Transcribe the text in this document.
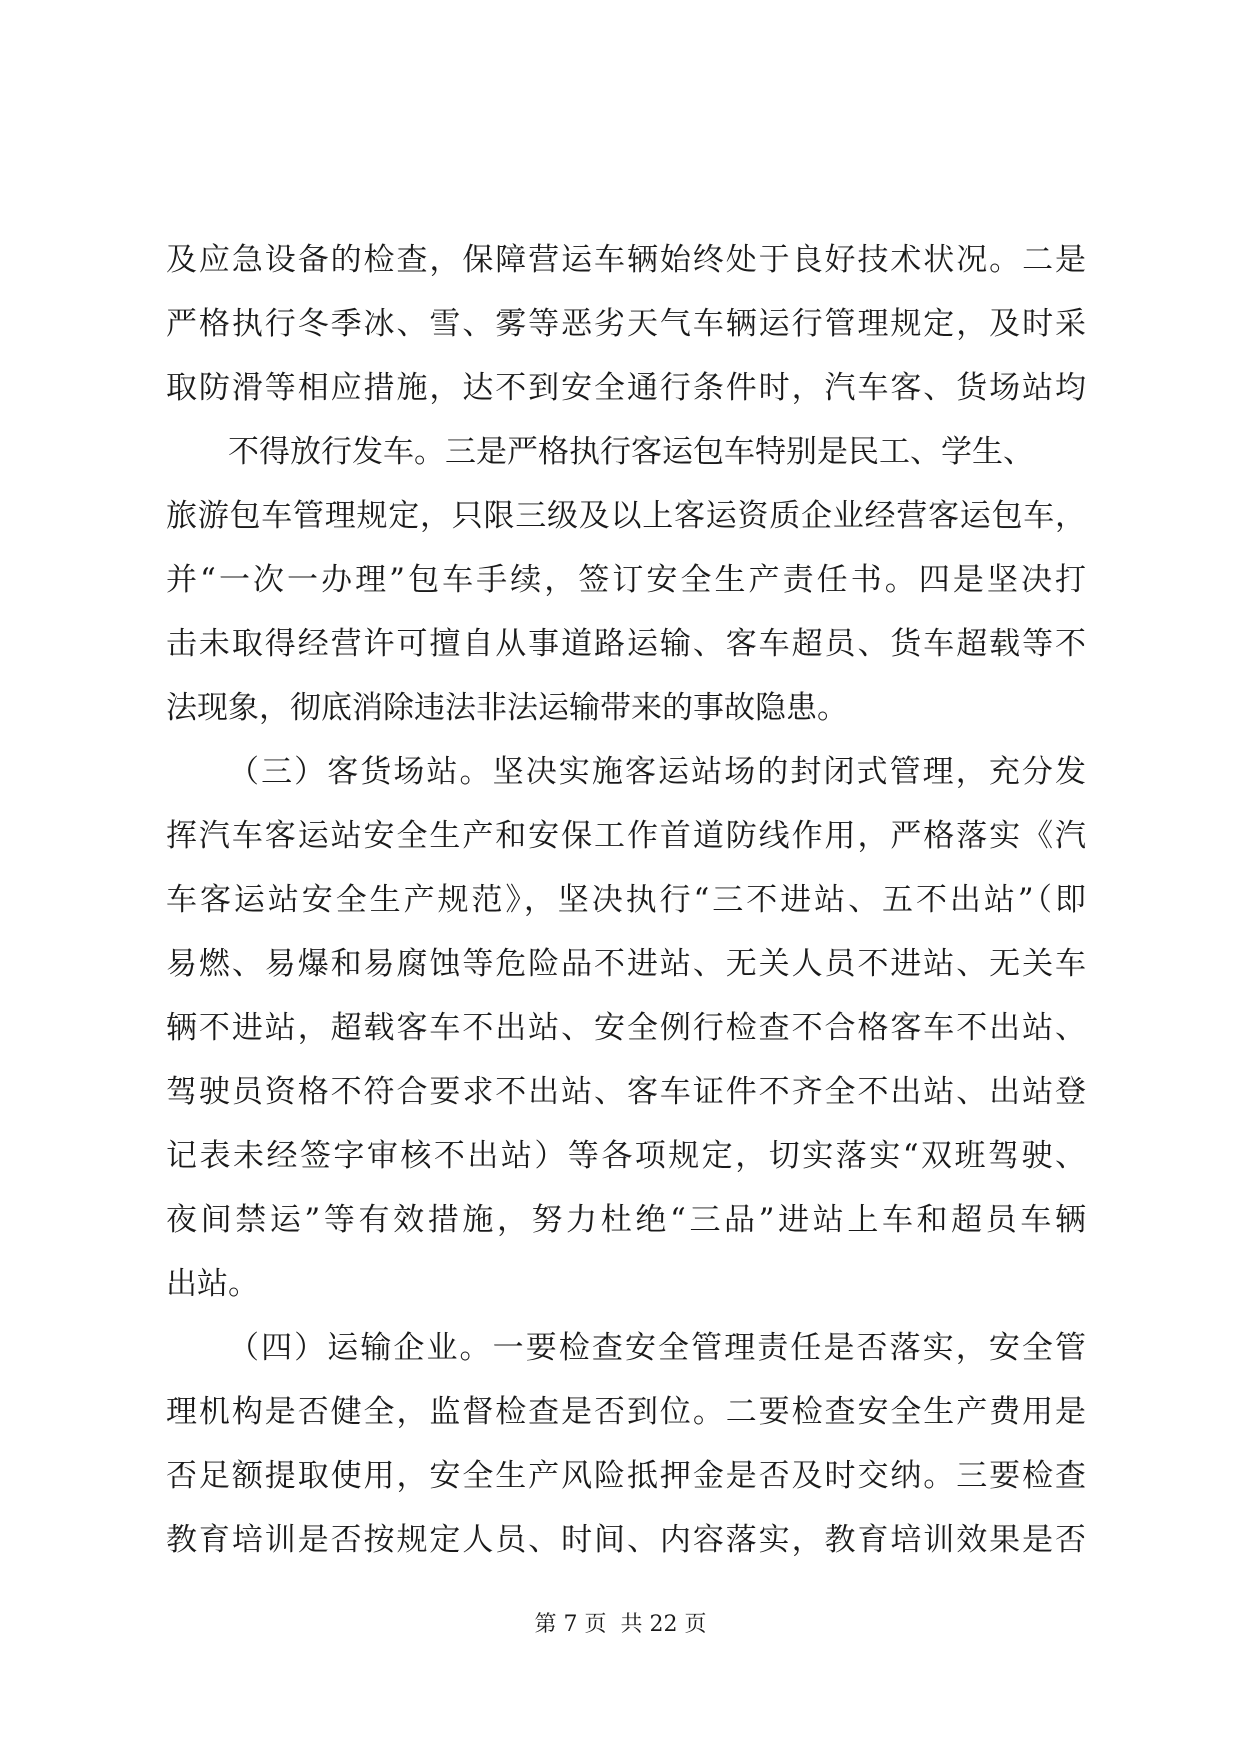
及应急设备的检查，保障营运车辆始终处于良好技术状况。二是
严格执行冬季冰、雪、雾等恶劣天气车辆运行管理规定，及时采
取防滑等相应措施，达不到安全通行条件时，汽车客、货场站均
不得放行发车。三是严格执行客运包车特别是民工、学生、
旅游包车管理规定，只限三级及以上客运资质企业经营客运包车，
并“一次一办理”包车手续，签订安全生产责任书。四是坚决打
击未取得经营许可擅自从事道路运输、客车超员、货车超载等不
法现象，彻底消除违法非法运输带来的事故隐患。
（三）客货场站。坚决实施客运站场的封闭式管理，充分发
挥汽车客运站安全生产和安保工作首道防线作用，严格落实《汽
车客运站安全生产规范》，坚决执行“三不进站、五不出站”（即
易燃、易爆和易腐蚀等危险品不进站、无关人员不进站、无关车
辆不进站，超载客车不出站、安全例行检查不合格客车不出站、
驾驶员资格不符合要求不出站、客车证件不齐全不出站、出站登
记表未经签字审核不出站）等各项规定，切实落实“双班驾驶、
夜间禁运”等有效措施，努力杜绝“三品”进站上车和超员车辆
出站。
（四）运输企业。一要检查安全管理责任是否落实，安全管
理机构是否健全，监督检查是否到位。二要检查安全生产费用是
否足额提取使用，安全生产风险抵押金是否及时交纳。三要检查
教育培训是否按规定人员、时间、内容落实，教育培训效果是否
第 7 页  共 22 页
